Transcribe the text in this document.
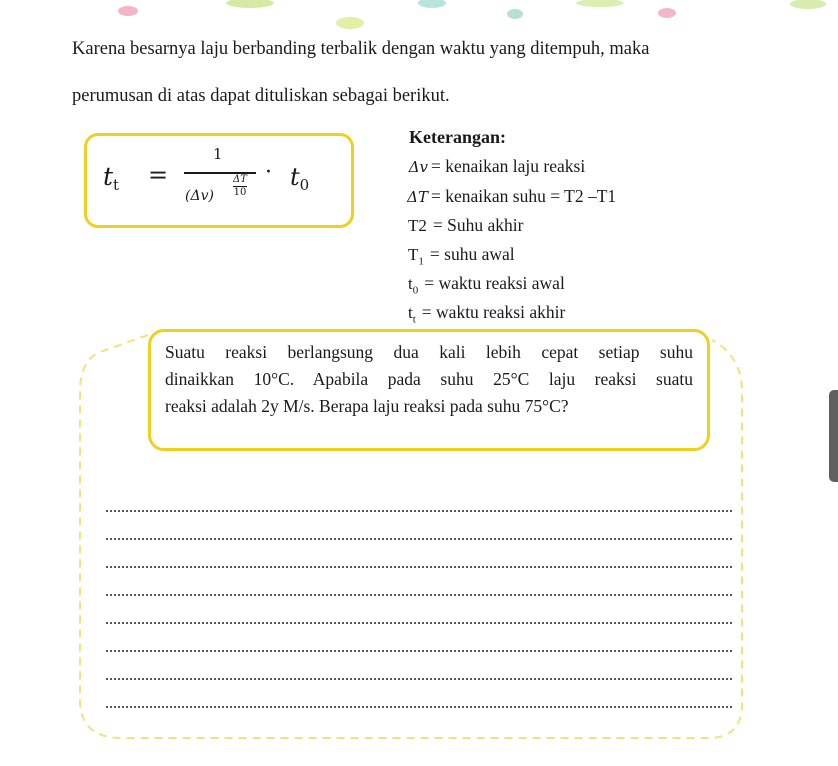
Karena besarnya laju berbanding terbalik dengan waktu yang ditempuh, maka
perumusan di atas dapat dituliskan sebagai berikut.
$t_t$ =
1
$(\Delta v) \frac{\Delta T}{10}$
· $t_0$
Keterangan:
Δv = kenaikan laju reaksi
ΔT = kenaikan suhu = T2 –T1
T2 = Suhu akhir
$T_1$ = suhu awal
$t_0$ = waktu reaksi awal
$t_t$ = waktu reaksi akhir
Suatu reaksi berlangsung dua kali lebih cepat setiap suhu
dinaikkan 10°C. Apabila pada suhu 25°C laju reaksi suatu
reaksi adalah 2y M/s. Berapa laju reaksi pada suhu 75°C?
